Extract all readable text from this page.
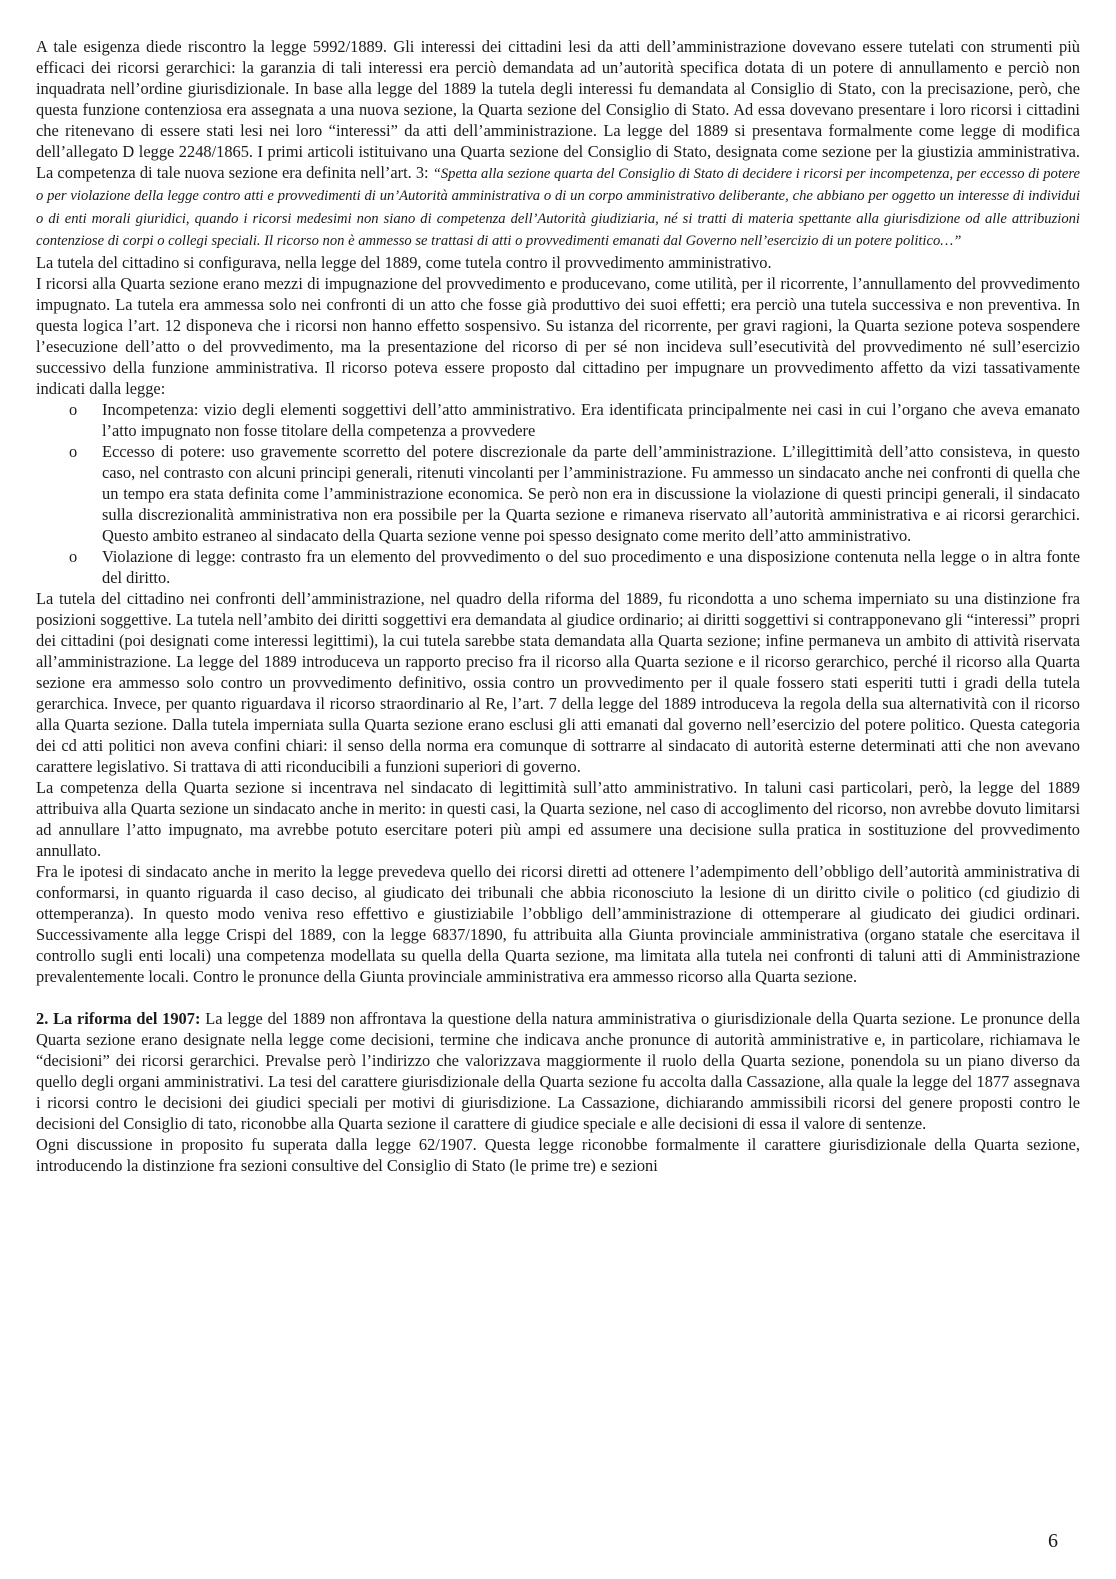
A tale esigenza diede riscontro la legge 5992/1889. Gli interessi dei cittadini lesi da atti dell’amministrazione dovevano essere tutelati con strumenti più efficaci dei ricorsi gerarchici: la garanzia di tali interessi era perciò demandata ad un’autorità specifica dotata di un potere di annullamento e perciò non inquadrata nell’ordine giurisdizionale. In base alla legge del 1889 la tutela degli interessi fu demandata al Consiglio di Stato, con la precisazione, però, che questa funzione contenziosa era assegnata a una nuova sezione, la Quarta sezione del Consiglio di Stato. Ad essa dovevano presentare i loro ricorsi i cittadini che ritenevano di essere stati lesi nei loro “interessi” da atti dell’amministrazione. La legge del 1889 si presentava formalmente come legge di modifica dell’allegato D legge 2248/1865. I primi articoli istituivano una Quarta sezione del Consiglio di Stato, designata come sezione per la giustizia amministrativa. La competenza di tale nuova sezione era definita nell’art. 3: “Spetta alla sezione quarta del Consiglio di Stato di decidere i ricorsi per incompetenza, per eccesso di potere o per violazione della legge contro atti e provvedimenti di un’Autorità amministrativa o di un corpo amministrativo deliberante, che abbiano per oggetto un interesse di individui o di enti morali giuridici, quando i ricorsi medesimi non siano di competenza dell’Autorità giudiziaria, né si tratti di materia spettante alla giurisdizione od alle attribuzioni contenziose di corpi o collegi speciali. Il ricorso non è ammesso se trattasi di atti o provvedimenti emanati dal Governo nell’esercizio di un potere politico…”

La tutela del cittadino si configurava, nella legge del 1889, come tutela contro il provvedimento amministrativo.

I ricorsi alla Quarta sezione erano mezzi di impugnazione del provvedimento e producevano, come utilità, per il ricorrente, l’annullamento del provvedimento impugnato. La tutela era ammessa solo nei confronti di un atto che fosse già produttivo dei suoi effetti; era perciò una tutela successiva e non preventiva. In questa logica l’art. 12 disponeva che i ricorsi non hanno effetto sospensivo. Su istanza del ricorrente, per gravi ragioni, la Quarta sezione poteva sospendere l’esecuzione dell’atto o del provvedimento, ma la presentazione del ricorso di per sé non incideva sull’esecutività del provvedimento né sull’esercizio successivo della funzione amministrativa. Il ricorso poteva essere proposto dal cittadino per impugnare un provvedimento affetto da vizi tassativamente indicati dalla legge:

o Incompetenza: vizio degli elementi soggettivi dell’atto amministrativo. Era identificata principalmente nei casi in cui l’organo che aveva emanato l’atto impugnato non fosse titolare della competenza a provvedere
o Eccesso di potere: uso gravemente scorretto del potere discrezionale da parte dell’amministrazione. L’illegittimità dell’atto consisteva, in questo caso, nel contrasto con alcuni principi generali, ritenuti vincolanti per l’amministrazione. Fu ammesso un sindacato anche nei confronti di quella che un tempo era stata definita come l’amministrazione economica. Se però non era in discussione la violazione di questi principi generali, il sindacato sulla discrezionalità amministrativa non era possibile per la Quarta sezione e rimaneva riservato all’autorità amministrativa e ai ricorsi gerarchici. Questo ambito estraneo al sindacato della Quarta sezione venne poi spesso designato come merito dell’atto amministrativo.
o Violazione di legge: contrasto fra un elemento del provvedimento o del suo procedimento e una disposizione contenuta nella legge o in altra fonte del diritto.

La tutela del cittadino nei confronti dell’amministrazione, nel quadro della riforma del 1889, fu ricondotta a uno schema imperniato su una distinzione fra posizioni soggettive. La tutela nell’ambito dei diritti soggettivi era demandata al giudice ordinario; ai diritti soggettivi si contrapponevano gli “interessi” propri dei cittadini (poi designati come interessi legittimi), la cui tutela sarebbe stata demandata alla Quarta sezione; infine permaneva un ambito di attività riservata all’amministrazione. La legge del 1889 introduceva un rapporto preciso fra il ricorso alla Quarta sezione e il ricorso gerarchico, perché il ricorso alla Quarta sezione era ammesso solo contro un provvedimento definitivo, ossia contro un provvedimento per il quale fossero stati esperiti tutti i gradi della tutela gerarchica. Invece, per quanto riguardava il ricorso straordinario al Re, l’art. 7 della legge del 1889 introduceva la regola della sua alternatività con il ricorso alla Quarta sezione. Dalla tutela imperniata sulla Quarta sezione erano esclusi gli atti emanati dal governo nell’esercizio del potere politico. Questa categoria dei cd atti politici non aveva confini chiari: il senso della norma era comunque di sottrarre al sindacato di autorità esterne determinati atti che non avevano carattere legislativo. Si trattava di atti riconducibili a funzioni superiori di governo.

La competenza della Quarta sezione si incentrava nel sindacato di legittimità sull’atto amministrativo. In taluni casi particolari, però, la legge del 1889 attribuiva alla Quarta sezione un sindacato anche in merito: in questi casi, la Quarta sezione, nel caso di accoglimento del ricorso, non avrebbe dovuto limitarsi ad annullare l’atto impugnato, ma avrebbe potuto esercitare poteri più ampi ed assumere una decisione sulla pratica in sostituzione del provvedimento annullato.

Fra le ipotesi di sindacato anche in merito la legge prevedeva quello dei ricorsi diretti ad ottenere l’adempimento dell’obbligo dell’autorità amministrativa di conformarsi, in quanto riguarda il caso deciso, al giudicato dei tribunali che abbia riconosciuto la lesione di un diritto civile o politico (cd giudizio di ottemperanza). In questo modo veniva reso effettivo e giustiziabile l’obbligo dell’amministrazione di ottemperare al giudicato dei giudici ordinari. Successivamente alla legge Crispi del 1889, con la legge 6837/1890, fu attribuita alla Giunta provinciale amministrativa (organo statale che esercitava il controllo sugli enti locali) una competenza modellata su quella della Quarta sezione, ma limitata alla tutela nei confronti di taluni atti di Amministrazione prevalentemente locali. Contro le pronunce della Giunta provinciale amministrativa era ammesso ricorso alla Quarta sezione.

2. La riforma del 1907: La legge del 1889 non affrontava la questione della natura amministrativa o giurisdizionale della Quarta sezione. Le pronunce della Quarta sezione erano designate nella legge come decisioni, termine che indicava anche pronunce di autorità amministrative e, in particolare, richiamava le “decisioni” dei ricorsi gerarchici. Prevalse però l’indirizzo che valorizzava maggiormente il ruolo della Quarta sezione, ponendola su un piano diverso da quello degli organi amministrativi. La tesi del carattere giurisdizionale della Quarta sezione fu accolta dalla Cassazione, alla quale la legge del 1877 assegnava i ricorsi contro le decisioni dei giudici speciali per motivi di giurisdizione. La Cassazione, dichiarando ammissibili ricorsi del genere proposti contro le decisioni del Consiglio di tato, riconobbe alla Quarta sezione il carattere di giudice speciale e alle decisioni di essa il valore di sentenze.

Ogni discussione in proposito fu superata dalla legge 62/1907. Questa legge riconobbe formalmente il carattere giurisdizionale della Quarta sezione, introducendo la distinzione fra sezioni consultive del Consiglio di Stato (le prime tre) e sezioni

6
